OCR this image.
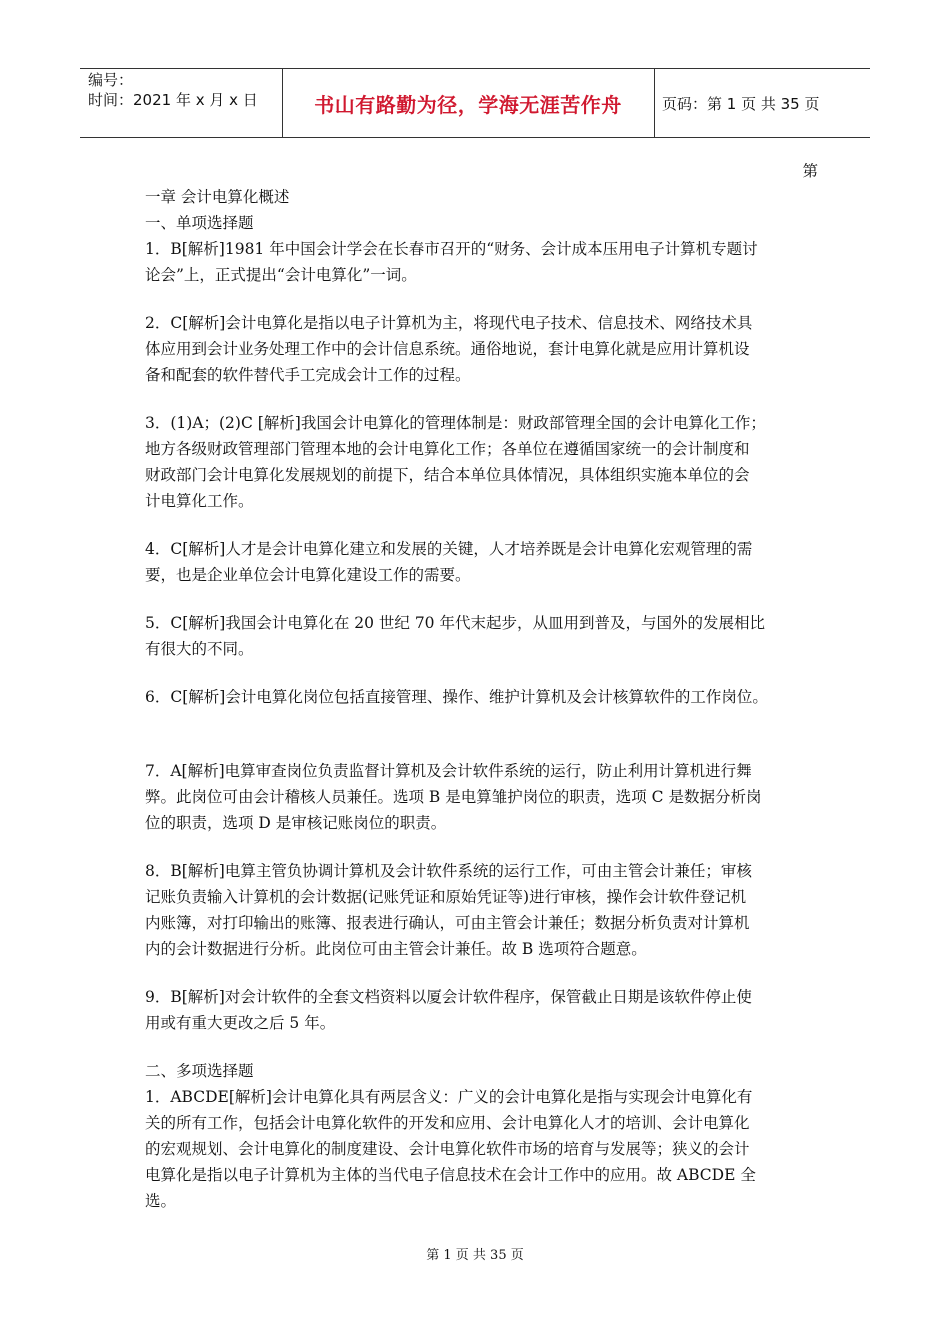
编号：
时间：2021 年 x 月 x 日	书山有路勤为径，学海无涯苦作舟	页码：第 1 页 共 35 页
第
一章 会计电算化概述
一、单项选择题
1．B[解析]1981 年中国会计学会在长春市召开的“财务、会计成本压用电子计算机专题讨
论会”上，正式提出“会计电算化”一词。
2．C[解析]会计电算化是指以电子计算机为主，将现代电子技术、信息技术、网络技术具
体应用到会计业务处理工作中的会计信息系统。通俗地说，套计电算化就是应用计算机设
备和配套的软件替代手工完成会计工作的过程。
3．(1)A；(2)C [解析]我国会计电算化的管理体制是：财政部管理全国的会计电算化工作；
地方各级财政管理部门管理本地的会计电算化工作；各单位在遵循国家统一的会计制度和
财政部门会计电算化发展规划的前提下，结合本单位具体情况，具体组织实施本单位的会
计电算化工作。
4．C[解析]人才是会计电算化建立和发展的关键，人才培养既是会计电算化宏观管理的需
要，也是企业单位会计电算化建设工作的需要。
5．C[解析]我国会计电算化在 20 世纪 70 年代末起步，从皿用到普及，与国外的发展相比
有很大的不同。
6．C[解析]会计电算化岗位包括直接管理、操作、维护计算机及会计核算软件的工作岗位。
7．A[解析]电算审查岗位负责监督计算机及会计软件系统的运行，防止利用计算机进行舞
弊。此岗位可由会计稽核人员兼任。选项 B 是电算雏护岗位的职责，选项 C 是数据分析岗
位的职责，选项 D 是审核记账岗位的职责。
8．B[解析]电算主管负协调计算机及会计软件系统的运行工作，可由主管会计兼任；审核
记账负责输入计算机的会计数据(记账凭证和原始凭证等)进行审核，操作会计软件登记机
内账簿，对打印输出的账簿、报表进行确认，可由主管会计兼任；数据分析负责对计算机
内的会计数据进行分析。此岗位可由主管会计兼任。故 B 选项符合题意。
9．B[解析]对会计软件的全套文档资料以厦会计软件程序，保管截止日期是该软件停止使
用或有重大更改之后 5 年。
二、多项选择题
1．ABCDE[解析]会计电算化具有两层含义：广义的会计电算化是指与实现会计电算化有
关的所有工作，包括会计电算化软件的开发和应用、会计电算化人才的培训、会计电算化
的宏观规划、会计电算化的制度建设、会计电算化软件市场的培育与发展等；狭义的会计
电算化是指以电子计算机为主体的当代电子信息技术在会计工作中的应用。故 ABCDE 全
选。
第 1 页 共 35 页
